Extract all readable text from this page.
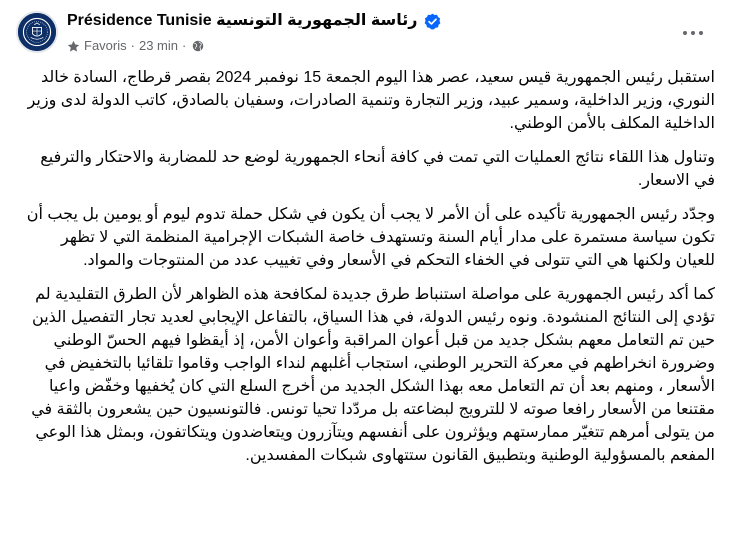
Présidence Tunisie رئاسة الجمهورية التونسية
Favoris · 23 min ·

استقبل رئيس الجمهورية قيس سعيد، عصر هذا اليوم الجمعة 15 نوفمبر 2024 بقصر قرطاج، السادة خالد النوري، وزير الداخلية، وسمير عبيد، وزير التجارة وتنمية الصادرات، وسفيان بالصادق، كاتب الدولة لدى وزير الداخلية المكلف بالأمن الوطني.

وتناول هذا اللقاء نتائج العمليات التي تمت في كافة أنحاء الجمهورية لوضع حد للمضاربة والاحتكار والترفيع في الاسعار.

وجدّد رئيس الجمهورية تأكيده على أن الأمر لا يجب أن يكون في شكل حملة تدوم ليوم أو يومين بل يجب أن تكون سياسة مستمرة على مدار أيام السنة وتستهدف خاصة الشبكات الإجرامية المنظمة التي لا تظهر للعيان ولكنها هي التي تتولى في الخفاء التحكم في الأسعار وفي تغييب عدد من المنتوجات والمواد.

كما أكد رئيس الجمهورية على مواصلة استنباط طرق جديدة لمكافحة هذه الظواهر لأن الطرق التقليدية لم تؤدي إلى النتائج المنشودة. ونوه رئيس الدولة، في هذا السياق، بالتفاعل الإيجابي لعديد تجار التفصيل الذين حين تم التعامل معهم بشكل جديد من قبل أعوان المراقبة وأعوان الأمن، إذ أيقظوا فيهم الحسّ الوطني وضرورة انخراطهم في معركة التحرير الوطني، استجاب أغلبهم لنداء الواجب وقاموا تلقائيا بالتخفيض في الأسعار ، ومنهم بعد أن تم التعامل معه بهذا الشكل الجديد من أخرج السلع التي كان يُخفيها وخفّض واعيا مقتنعا من الأسعار رافعا صوته لا للترويج لبضاعته بل مردّدا تحيا تونس. فالتونسيون حين يشعرون بالثقة في من يتولى أمرهم تتغيّر ممارستهم ويؤثرون على أنفسهم ويتآزرون ويتعاضدون ويتكاتفون، وبمثل هذا الوعي المفعم بالمسؤولية الوطنية وبتطبيق القانون ستتهاوى شبكات المفسدين.
